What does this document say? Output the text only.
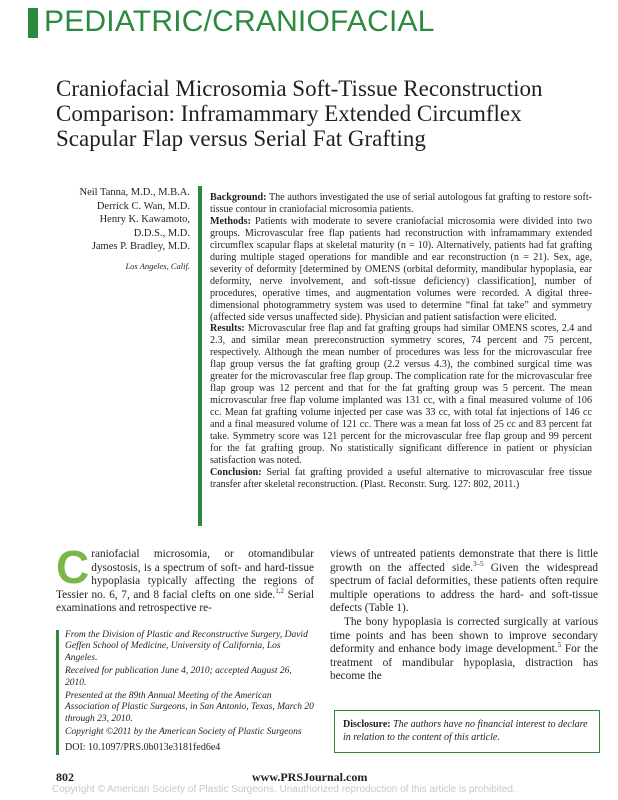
PEDIATRIC/CRANIOFACIAL
Craniofacial Microsomia Soft-Tissue Reconstruction Comparison: Inframammary Extended Circumflex Scapular Flap versus Serial Fat Grafting
Neil Tanna, M.D., M.B.A.
Derrick C. Wan, M.D.
Henry K. Kawamoto,
D.D.S., M.D.
James P. Bradley, M.D.
Los Angeles, Calif.

Background: The authors investigated the use of serial autologous fat grafting to restore soft-tissue contour in craniofacial microsomia patients.

Methods: Patients with moderate to severe craniofacial microsomia were divided into two groups. Microvascular free flap patients had reconstruction with inframammary extended circumflex scapular flaps at skeletal maturity (n = 10). Alternatively, patients had fat grafting during multiple staged operations for mandible and ear reconstruction (n = 21). Sex, age, severity of deformity [determined by OMENS (orbital deformity, mandibular hypoplasia, ear deformity, nerve involvement, and soft-tissue deficiency) classification], number of procedures, operative times, and augmentation volumes were recorded. A digital three-dimensional photogrammetry system was used to determine “final fat take” and symmetry (affected side versus unaffected side). Physician and patient satisfaction were elicited.

Results: Microvascular free flap and fat grafting groups had similar OMENS scores, 2.4 and 2.3, and similar mean prereconstruction symmetry scores, 74 percent and 75 percent, respectively. Although the mean number of procedures was less for the microvascular free flap group versus the fat grafting group (2.2 versus 4.3), the combined surgical time was greater for the microvascular free flap group. The complication rate for the microvascular free flap group was 12 percent and that for the fat grafting group was 5 percent. The mean microvascular free flap volume implanted was 131 cc, with a final measured volume of 106 cc. Mean fat grafting volume injected per case was 33 cc, with total fat injections of 146 cc and a final measured volume of 121 cc. There was a mean fat loss of 25 cc and 83 percent fat take. Symmetry score was 121 percent for the microvascular free flap group and 99 percent for the fat grafting group. No statistically significant difference in patient or physician satisfaction was noted.

Conclusion: Serial fat grafting provided a useful alternative to microvascular free tissue transfer after skeletal reconstruction. (Plast. Reconstr. Surg. 127: 802, 2011.)

Craniofacial microsomia, or otomandibular dysostosis, is a spectrum of soft- and hard-tissue hypoplasia typically affecting the regions of Tessier no. 6, 7, and 8 facial clefts on one side.$^{1,2}$ Serial examinations and retrospective re-

views of untreated patients demonstrate that there is little growth on the affected side.$^{3-5}$ Given the widespread spectrum of facial deformities, these patients often require multiple operations to address the hard- and soft-tissue defects (Table 1).

The bony hypoplasia is corrected surgically at various time points and has been shown to improve secondary deformity and enhance body image development.$^5$ For the treatment of mandibular hypoplasia, distraction has become the

From the Division of Plastic and Reconstructive Surgery, David Geffen School of Medicine, University of California, Los Angeles.

Received for publication June 4, 2010; accepted August 26, 2010.

Presented at the 89th Annual Meeting of the American Association of Plastic Surgeons, in San Antonio, Texas, March 20 through 23, 2010.

Copyright ©2011 by the American Society of Plastic Surgeons

DOI: 10.1097/PRS.0b013e3181fed6e4

Disclosure: The authors have no financial interest to declare in relation to the content of this article.
802	www.PRSJournal.com
Copyright © American Society of Plastic Surgeons. Unauthorized reproduction of this article is prohibited.
